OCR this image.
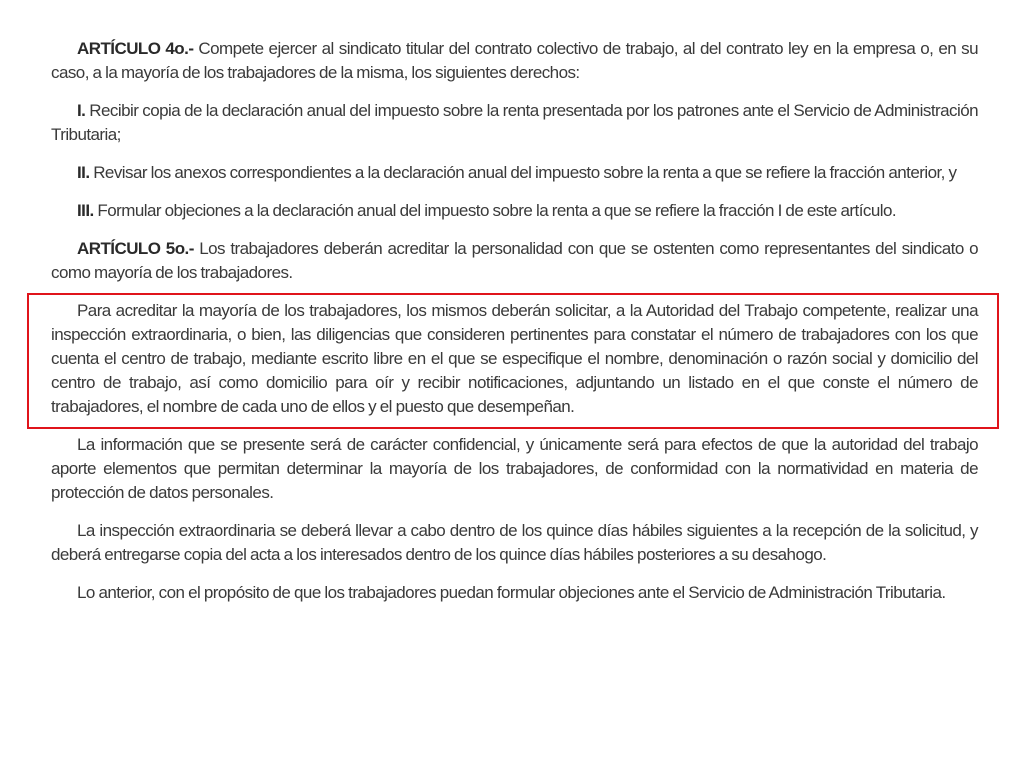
ARTÍCULO 4o.- Compete ejercer al sindicato titular del contrato colectivo de trabajo, al del contrato ley en la empresa o, en su caso, a la mayoría de los trabajadores de la misma, los siguientes derechos:

I. Recibir copia de la declaración anual del impuesto sobre la renta presentada por los patrones ante el Servicio de Administración Tributaria;

II. Revisar los anexos correspondientes a la declaración anual del impuesto sobre la renta a que se refiere la fracción anterior, y

III. Formular objeciones a la declaración anual del impuesto sobre la renta a que se refiere la fracción I de este artículo.

ARTÍCULO 5o.- Los trabajadores deberán acreditar la personalidad con que se ostenten como representantes del sindicato o como mayoría de los trabajadores.

Para acreditar la mayoría de los trabajadores, los mismos deberán solicitar, a la Autoridad del Trabajo competente, realizar una inspección extraordinaria, o bien, las diligencias que consideren pertinentes para constatar el número de trabajadores con los que cuenta el centro de trabajo, mediante escrito libre en el que se especifique el nombre, denominación o razón social y domicilio del centro de trabajo, así como domicilio para oír y recibir notificaciones, adjuntando un listado en el que conste el número de trabajadores, el nombre de cada uno de ellos y el puesto que desempeñan.

La información que se presente será de carácter confidencial, y únicamente será para efectos de que la autoridad del trabajo aporte elementos que permitan determinar la mayoría de los trabajadores, de conformidad con la normatividad en materia de protección de datos personales.

La inspección extraordinaria se deberá llevar a cabo dentro de los quince días hábiles siguientes a la recepción de la solicitud, y deberá entregarse copia del acta a los interesados dentro de los quince días hábiles posteriores a su desahogo.

Lo anterior, con el propósito de que los trabajadores puedan formular objeciones ante el Servicio de Administración Tributaria.
